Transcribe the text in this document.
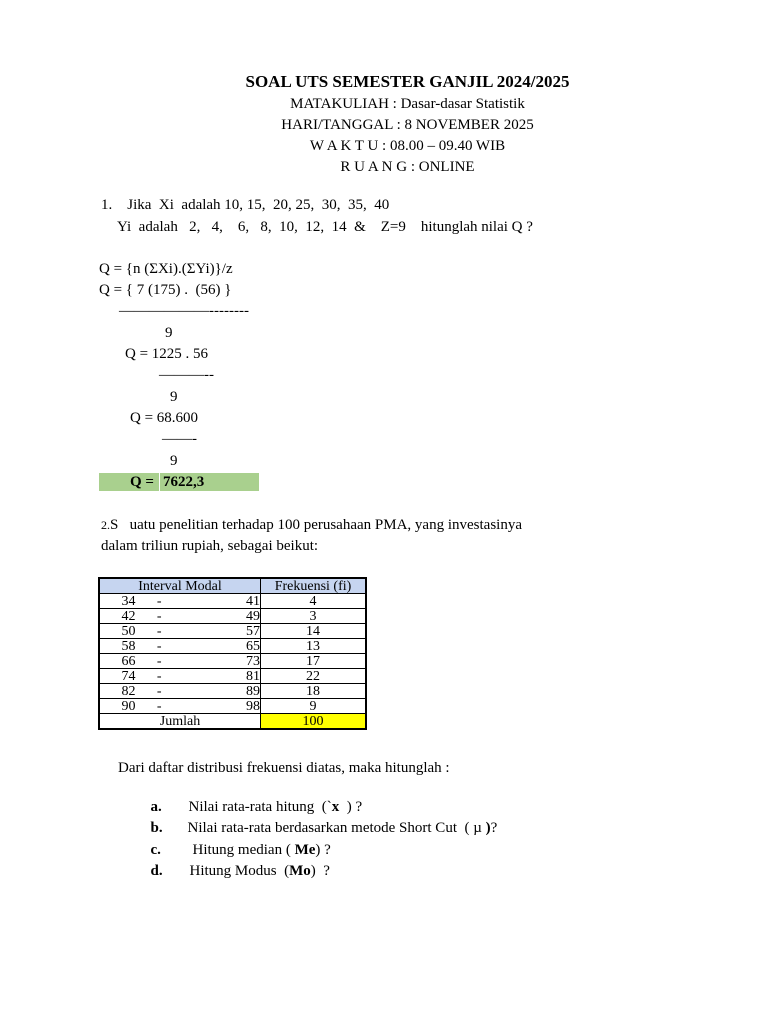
SOAL UTS SEMESTER GANJIL 2024/2025
MATAKULIAH : Dasar-dasar Statistik
HARI/TANGGAL : 8 NOVEMBER 2025
W A K T U : 08.00 – 09.40 WIB
R U A N G : ONLINE
1.    Jika  Xi  adalah 10, 15,  20, 25,  30,  35,  40
Yi  adalah   2,   4,    6,   8,  10,  12,  14  &    Z=9    hitunglah nilai Q ?
Q = {n (ΣXi).(ΣYi)}/z
Q = { 7 (175) .  (56) }
——————--------
9
Q = 1225 . 56
———--
9
Q = 68.600
——-
9

Q =

7622,3

2.S   uatu penelitian terhadap 100 perusahaan PMA, yang investasinya
dalam triliun rupiah, sebagai beikut:
Interval Modal			Frekuensi (fi)
34	-	41	4
42	-	49	3
50	-	57	14
58	-	65	13
66	-	73	17
74	-	81	22
82	-	89	18
90	-	98	9
Jumlah			100
Dari daftar distribusi frekuensi diatas, maka hitunglah :

a. Nilai rata-rata hitung  (`x  ) ?

b. Nilai rata-rata berdasarkan metode Short Cut  ( µ )?

c. Hitung median ( Me) ?

d. Hitung Modus  (Mo)  ?
